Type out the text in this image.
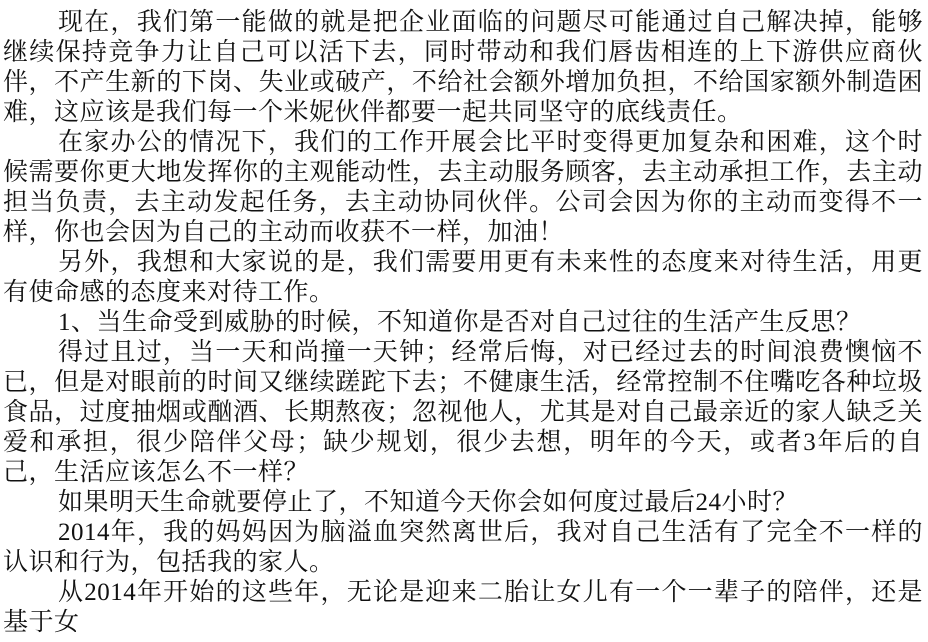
现在，我们第一能做的就是把企业面临的问题尽可能通过自己解决掉，能够继续保持竞争力让自己可以活下去，同时带动和我们唇齿相连的上下游供应商伙伴，不产生新的下岗、失业或破产，不给社会额外增加负担，不给国家额外制造困难，这应该是我们每一个米妮伙伴都要一起共同坚守的底线责任。

在家办公的情况下，我们的工作开展会比平时变得更加复杂和困难，这个时候需要你更大地发挥你的主观能动性，去主动服务顾客，去主动承担工作，去主动担当负责，去主动发起任务，去主动协同伙伴。公司会因为你的主动而变得不一样，你也会因为自己的主动而收获不一样，加油！

另外，我想和大家说的是，我们需要用更有未来性的态度来对待生活，用更有使命感的态度来对待工作。

1、当生命受到威胁的时候，不知道你是否对自己过往的生活产生反思？

得过且过，当一天和尚撞一天钟；经常后悔，对已经过去的时间浪费懊恼不已，但是对眼前的时间又继续蹉跎下去；不健康生活，经常控制不住嘴吃各种垃圾食品，过度抽烟或酗酒、长期熬夜；忽视他人，尤其是对自己最亲近的家人缺乏关爱和承担，很少陪伴父母；缺少规划，很少去想，明年的今天，或者3年后的自己，生活应该怎么不一样？

如果明天生命就要停止了，不知道今天你会如何度过最后24小时？

2014年，我的妈妈因为脑溢血突然离世后，我对自己生活有了完全不一样的认识和行为，包括我的家人。

从2014年开始的这些年，无论是迎来二胎让女儿有一个一辈子的陪伴，还是基于女
